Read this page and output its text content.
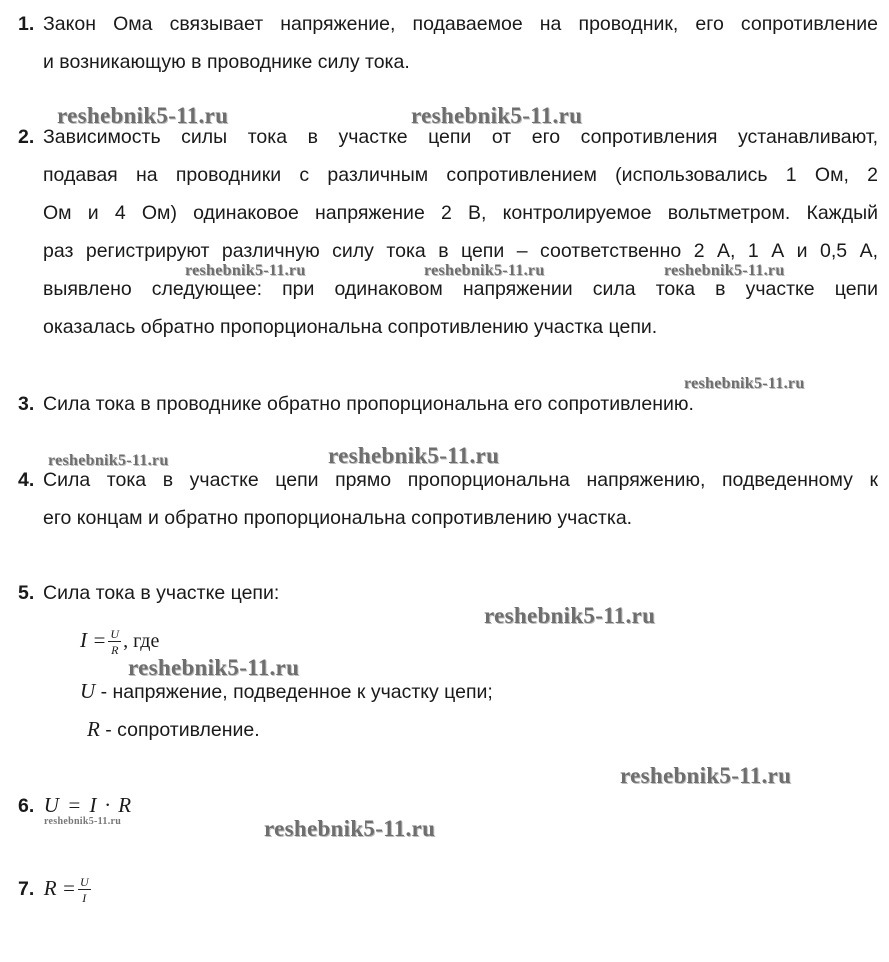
1. Закон Ома связывает напряжение, подаваемое на проводник, его сопротивление
и возникающую в проводнике силу тока.
2. Зависимость силы тока в участке цепи от его сопротивления устанавливают,
подавая на проводники с различным сопротивлением (использовались 1 Ом, 2
Ом и 4 Ом) одинаковое напряжение 2 В, контролируемое вольтметром. Каждый
раз регистрируют различную силу тока в цепи – соответственно 2 А, 1 А и 0,5 А,
выявлено следующее: при одинаковом напряжении сила тока в участке цепи
оказалась обратно пропорциональна сопротивлению участка цепи.
3. Сила тока в проводнике обратно пропорциональна его сопротивлению.
4. Сила тока в участке цепи прямо пропорциональна напряжению, подведенному к
его концам и обратно пропорциональна сопротивлению участка.
5. Сила тока в участке цепи:
$I = \frac{U}{R}$ , где
U - напряжение, подведенное к участку цепи;
R - сопротивление.
6. U = I · R
7. $R = \frac{U}{I}$
reshebnik5-11.ru	reshebnik5-11.ru
reshebnik5-11.ru	reshebnik5-11.ru	reshebnik5-11.ru
reshebnik5-11.ru
reshebnik5-11.ru	reshebnik5-11.ru
reshebnik5-11.ru
reshebnik5-11.ru
reshebnik5-11.ru
reshebnik5-11.ru	reshebnik5-11.ru
